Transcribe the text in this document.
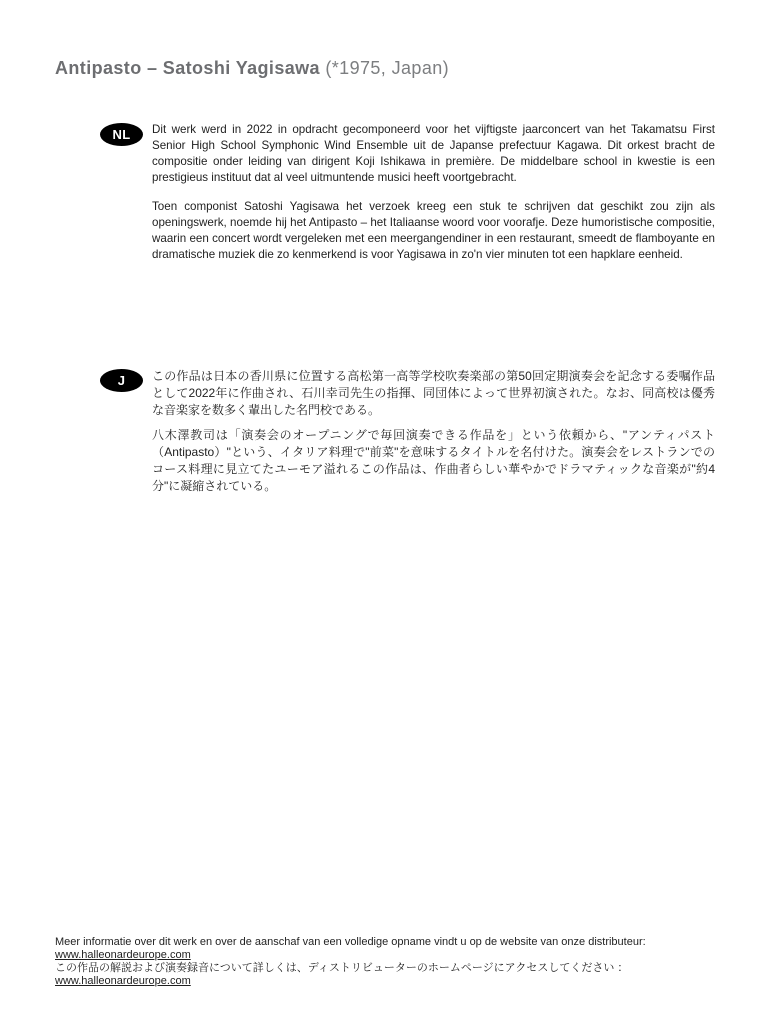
Antipasto – Satoshi Yagisawa (*1975, Japan)
NL	Dit werk werd in 2022 in opdracht gecomponeerd voor het vijftigste jaarconcert van het Takamatsu First Senior High School Symphonic Wind Ensemble uit de Japanse prefectuur Kagawa. Dit orkest bracht de compositie onder leiding van dirigent Koji Ishikawa in première. De middelbare school in kwestie is een prestigieus instituut dat al veel uitmuntende musici heeft voortgebracht.

Toen componist Satoshi Yagisawa het verzoek kreeg een stuk te schrijven dat geschikt zou zijn als openingswerk, noemde hij het Antipasto – het Italiaanse woord voor voorafje. Deze humoristische compositie, waarin een concert wordt vergeleken met een meergangendiner in een restaurant, smeedt de flamboyante en dramatische muziek die zo kenmerkend is voor Yagisawa in zo'n vier minuten tot een hapklare eenheid.

J	この作品は日本の香川県に位置する高松第一高等学校吹奏楽部の第50回定期演奏会を記念する委嘱作品として2022年に作曲され、石川幸司先生の指揮、同団体によって世界初演された。なお、同高校は優秀な音楽家を数多く輩出した名門校である。

八木澤教司は「演奏会のオープニングで毎回演奏できる作品を」という依頼から、"アンティパスト（Antipasto）"という、イタリア料理で"前菜"を意味するタイトルを名付けた。演奏会をレストランでのコース料理に見立てたユーモア溢れるこの作品は、作曲者らしい華やかでドラマティックな音楽が"約4分"に凝縮されている。

Meer informatie over dit werk en over de aanschaf van een volledige opname vindt u op de website van onze distributeur: www.halleonardeurope.com

この作品の解説および演奏録音について詳しくは、ディストリビューターのホームページにアクセスしてください ：

www.halleonardeurope.com
